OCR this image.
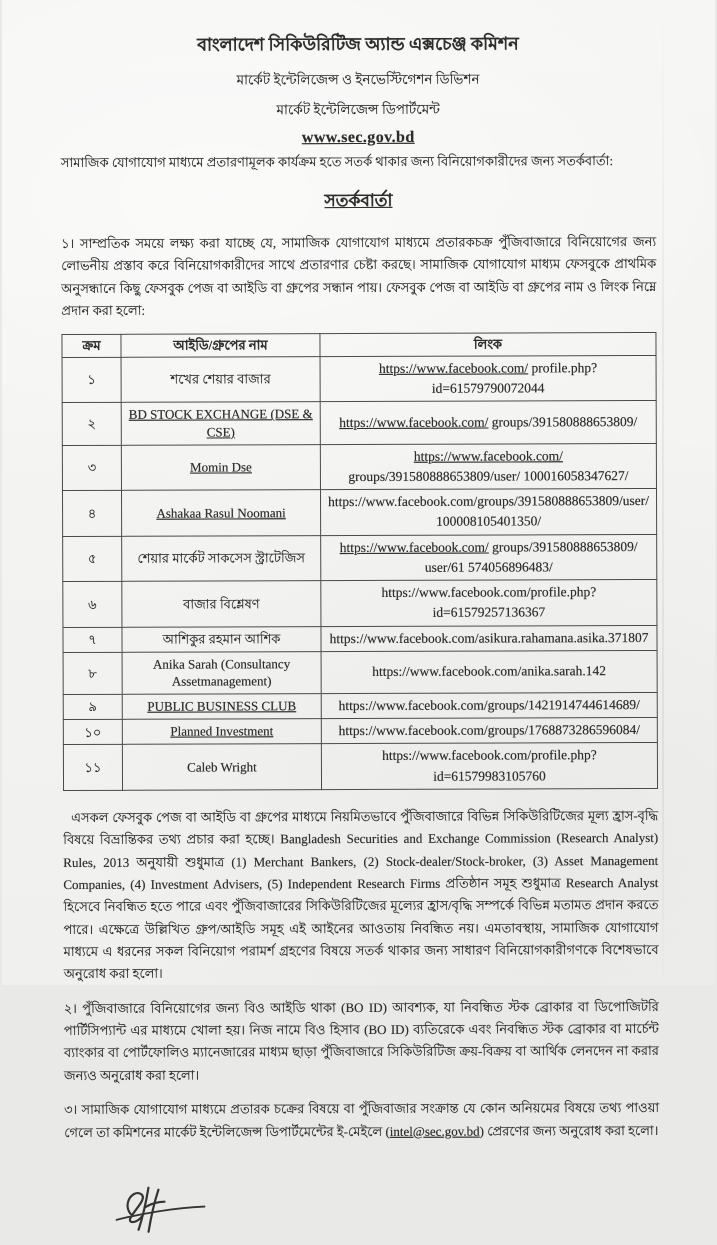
বাংলাদেশ সিকিউরিটিজ অ্যান্ড এক্সচেঞ্জ কমিশন
মার্কেট ইন্টেলিজেন্স ও ইনভেস্টিগেশন ডিভিশন
মার্কেট ইন্টেলিজেন্স ডিপার্টমেন্ট
www.sec.gov.bd
সামাজিক যোগাযোগ মাধ্যমে প্রতারণামূলক কার্যক্রম হতে সতর্ক থাকার জন্য বিনিয়োগকারীদের জন্য সতর্কবার্তা:
সতর্কবার্তা

১। সাম্প্রতিক সময়ে লক্ষ্য করা যাচ্ছে যে, সামাজিক যোগাযোগ মাধ্যমে প্রতারকচক্র পুঁজিবাজারে বিনিয়োগের জন্য লোভনীয় প্রস্তাব করে বিনিয়োগকারীদের সাথে প্রতারণার চেষ্টা করছে। সামাজিক যোগাযোগ মাধ্যম ফেসবুকে প্রাথমিক অনুসন্ধানে কিছু ফেসবুক পেজ বা আইডি বা গ্রুপের সন্ধান পায়। ফেসবুক পেজ বা আইডি বা গ্রুপের নাম ও লিংক নিম্নে প্রদান করা হলো:

ক্রম	আইডি/গ্রুপের নাম	লিংক
১	শখের শেয়ার বাজার	https://www.facebook.com/ profile.php?id=61579790072044
২	BD STOCK EXCHANGE (DSE & CSE)	https://www.facebook.com/ groups/391580888653809/
৩	Momin Dse	https://www.facebook.com/ groups/391580888653809/user/ 100016058347627/
৪	Ashakaa Rasul Noomani	https://www.facebook.com/groups/391580888653809/user/ 100008105401350/
৫	শেয়ার মার্কেট সাকসেস স্ট্রাটেজিস	https://www.facebook.com/ groups/391580888653809/ user/61 574056896483/
৬	বাজার বিশ্লেষণ	https://www.facebook.com/profile.php?id=61579257136367
৭	আশিকুর রহমান আশিক	https://www.facebook.com/asikura.rahamana.asika.371807
৮	Anika Sarah (Consultancy Assetmanagement)	https://www.facebook.com/anika.sarah.142
৯	PUBLIC BUSINESS CLUB	https://www.facebook.com/groups/1421914744614689/
১০	Planned Investment	https://www.facebook.com/groups/1768873286596084/
১১	Caleb Wright	https://www.facebook.com/profile.php?id=61579983105760

এসকল ফেসবুক পেজ বা আইডি বা গ্রুপের মাধ্যমে নিয়মিতভাবে পুঁজিবাজারে বিভিন্ন সিকিউরিটিজের মূল্য হ্রাস-বৃদ্ধি বিষয়ে বিভ্রান্তিকর তথ্য প্রচার করা হচ্ছে। Bangladesh Securities and Exchange Commission (Research Analyst) Rules, 2013 অনুযায়ী শুধুমাত্র (1) Merchant Bankers, (2) Stock-dealer/Stock-broker, (3) Asset Management Companies, (4) Investment Advisers, (5) Independent Research Firms প্রতিষ্ঠান সমূহ শুধুমাত্র Research Analyst হিসেবে নিবন্ধিত হতে পারে এবং পুঁজিবাজারের সিকিউরিটিজের মূল্যের হ্রাস/বৃদ্ধি সম্পর্কে বিভিন্ন মতামত প্রদান করতে পারে। এক্ষেত্রে উল্লিখিত গ্রুপ/আইডি সমূহ এই আইনের আওতায় নিবন্ধিত নয়। এমতাবস্থায়, সামাজিক যোগাযোগ মাধ্যমে এ ধরনের সকল বিনিয়োগ পরামর্শ গ্রহণের বিষয়ে সতর্ক থাকার জন্য সাধারণ বিনিয়োগকারীগণকে বিশেষভাবে অনুরোধ করা হলো।

২। পুঁজিবাজারে বিনিয়োগের জন্য বিও আইডি থাকা (BO ID) আবশ্যক, যা নিবন্ধিত স্টক ব্রোকার বা ডিপোজিটরি পার্টিসিপ্যান্ট এর মাধ্যমে খোলা হয়। নিজ নামে বিও হিসাব (BO ID) ব্যতিরেকে এবং নিবন্ধিত স্টক ব্রোকার বা মার্চেন্ট ব্যাংকার বা পোর্টফোলিও ম্যানেজারের মাধ্যম ছাড়া পুঁজিবাজারে সিকিউরিটিজ ক্রয়-বিক্রয় বা আর্থিক লেনদেন না করার জন্যও অনুরোধ করা হলো।

৩। সামাজিক যোগাযোগ মাধ্যমে প্রতারক চক্রের বিষয়ে বা পুঁজিবাজার সংক্রান্ত যে কোন অনিয়মের বিষয়ে তথ্য পাওয়া গেলে তা কমিশনের মার্কেট ইন্টেলিজেন্স ডিপার্টমেন্টের ই-মেইলে (intel@sec.gov.bd) প্রেরণের জন্য অনুরোধ করা হলো।
